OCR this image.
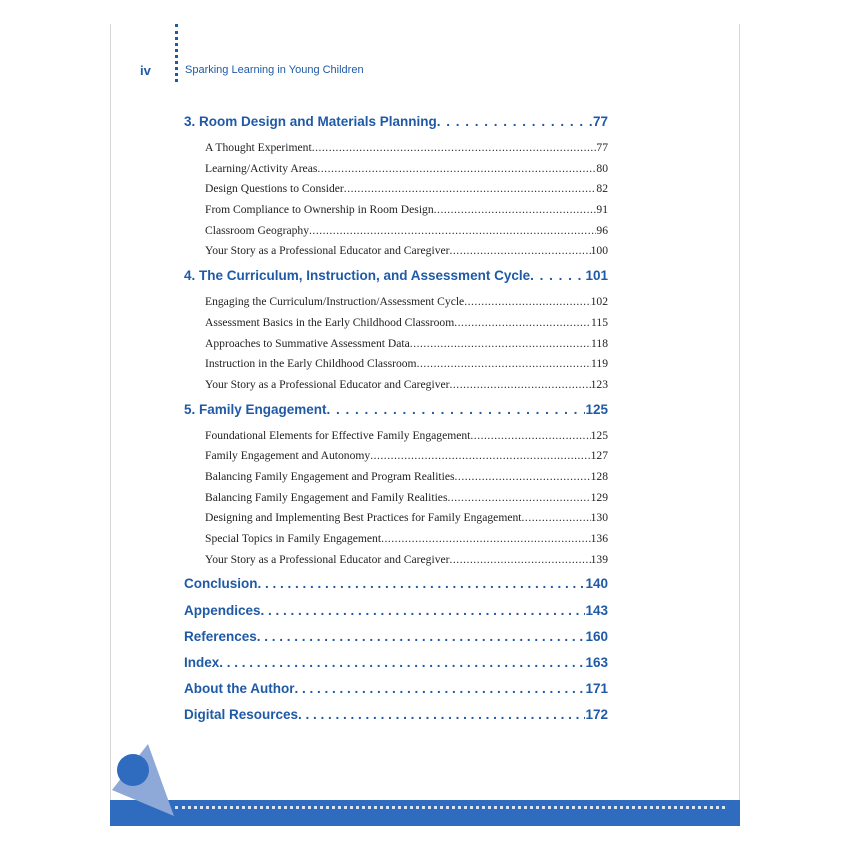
iv	Sparking Learning in Young Children
3. Room Design and Materials Planning . . .	77
A Thought Experiment .....	77
Learning/Activity Areas .....	80
Design Questions to Consider .....	82
From Compliance to Ownership in Room Design .....	91
Classroom Geography .....	96
Your Story as a Professional Educator and Caregiver .....	100
4. The Curriculum, Instruction, and Assessment Cycle . . .	101
Engaging the Curriculum/Instruction/Assessment Cycle .....	102
Assessment Basics in the Early Childhood Classroom .....	115
Approaches to Summative Assessment Data .....	118
Instruction in the Early Childhood Classroom .....	119
Your Story as a Professional Educator and Caregiver .....	123
5. Family Engagement . . .	125
Foundational Elements for Effective Family Engagement .....	125
Family Engagement and Autonomy .....	127
Balancing Family Engagement and Program Realities .....	128
Balancing Family Engagement and Family Realities .....	129
Designing and Implementing Best Practices for Family Engagement .....	130
Special Topics in Family Engagement .....	136
Your Story as a Professional Educator and Caregiver .....	139
Conclusion . . .	140
Appendices . . .	143
References . . .	160
Index . . .	163
About the Author . . .	171
Digital Resources . . .	172
